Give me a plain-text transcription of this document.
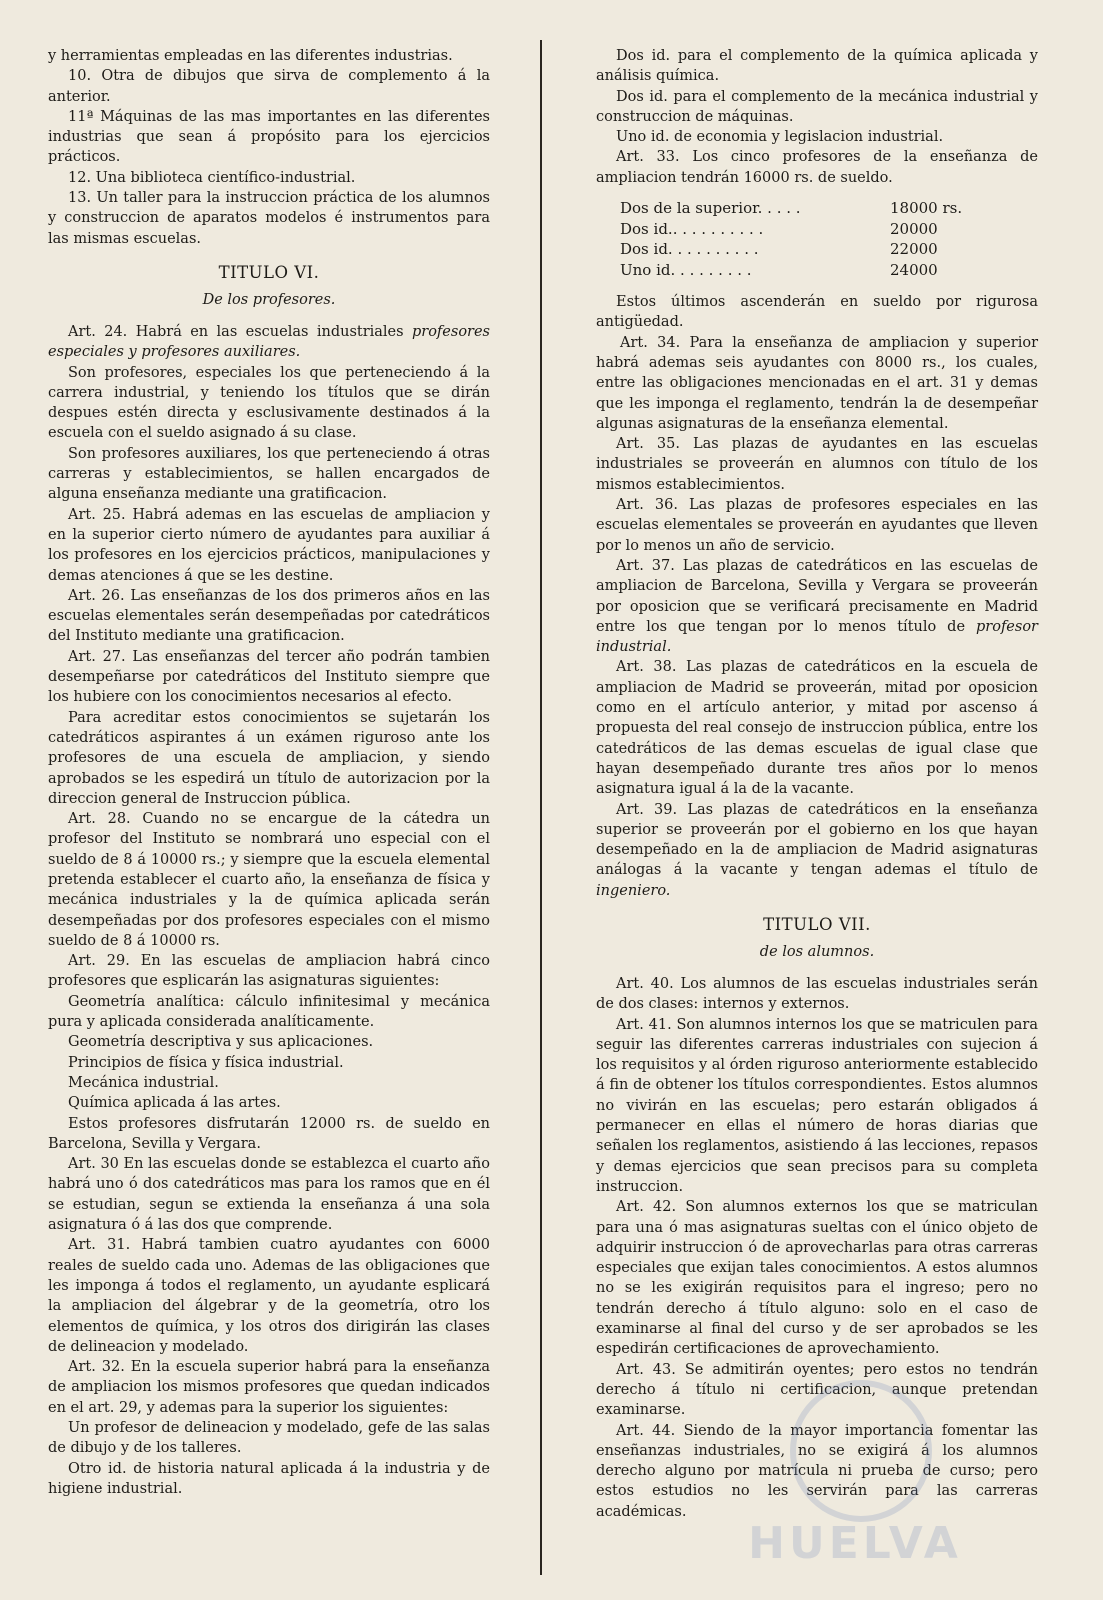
y herramientas empleadas en las diferentes industrias.

10. Otra de dibujos que sirva de complemento á la anterior.

11ª Máquinas de las mas importantes en las diferentes industrias que sean á propósito para los ejercicios prácticos.

12. Una biblioteca científico-industrial.

13. Un taller para la instruccion práctica de los alumnos y construccion de aparatos modelos é instrumentos para las mismas escuelas.

TITULO VI.
De los profesores.

Art. 24. Habrá en las escuelas industriales profesores especiales y profesores auxiliares.

Son profesores, especiales los que perteneciendo á la carrera industrial, y teniendo los títulos que se dirán despues estén directa y esclusivamente destinados á la escuela con el sueldo asignado á su clase.

Son profesores auxiliares, los que perteneciendo á otras carreras y establecimientos, se hallen encargados de alguna enseñanza mediante una gratificacion.

Art. 25. Habrá ademas en las escuelas de ampliacion y en la superior cierto número de ayudantes para auxiliar á los profesores en los ejercicios prácticos, manipulaciones y demas atenciones á que se les destine.

Art. 26. Las enseñanzas de los dos primeros años en las escuelas elementales serán desempeñadas por catedráticos del Instituto mediante una gratificacion.

Art. 27. Las enseñanzas del tercer año podrán tambien desempeñarse por catedráticos del Instituto siempre que los hubiere con los conocimientos necesarios al efecto.

Para acreditar estos conocimientos se sujetarán los catedráticos aspirantes á un exámen riguroso ante los profesores de una escuela de ampliacion, y siendo aprobados se les espedirá un título de autorizacion por la direccion general de Instruccion pública.

Art. 28. Cuando no se encargue de la cátedra un profesor del Instituto se nombrará uno especial con el sueldo de 8 á 10000 rs.; y siempre que la escuela elemental pretenda establecer el cuarto año, la enseñanza de física y mecánica industriales y la de química aplicada serán desempeñadas por dos profesores especiales con el mismo sueldo de 8 á 10000 rs.

Art. 29. En las escuelas de ampliacion habrá cinco profesores que esplicarán las asignaturas siguientes:

Geometría analítica: cálculo infinitesimal y mecánica pura y aplicada considerada analíticamente.

Geometría descriptiva y sus aplicaciones.

Principios de física y física industrial.

Mecánica industrial.

Química aplicada á las artes.

Estos profesores disfrutarán 12000 rs. de sueldo en Barcelona, Sevilla y Vergara.

Art. 30 En las escuelas donde se establezca el cuarto año habrá uno ó dos catedráticos mas para los ramos que en él se estudian, segun se extienda la enseñanza á una sola asignatura ó á las dos que comprende.

Art. 31. Habrá tambien cuatro ayudantes con 6000 reales de sueldo cada uno. Ademas de las obligaciones que les imponga á todos el reglamento, un ayudante esplicará la ampliacion del álgebrar y de la geometría, otro los elementos de química, y los otros dos dirigirán las clases de delineacion y modelado.

Art. 32. En la escuela superior habrá para la enseñanza de ampliacion los mismos profesores que quedan indicados en el art. 29, y ademas para la superior los siguientes:

Un profesor de delineacion y modelado, gefe de las salas de dibujo y de los talleres.

Otro id. de historia natural aplicada á la industria y de higiene industrial.

Dos id. para el complemento de la química aplicada y análisis química.

Dos id. para el complemento de la mecánica industrial y construccion de máquinas.

Uno id. de economia y legislacion industrial.

Art. 33. Los cinco profesores de la enseñanza de ampliacion tendrán 16000 rs. de sueldo.

Dos de la superior. . . . .	18000 rs.
Dos id.. . . . . . . . . .	20000
Dos id. . . . . . . . . .	22000
Uno id. . . . . . . . .	24000

Estos últimos ascenderán en sueldo por rigurosa antigüedad.

Art. 34. Para la enseñanza de ampliacion y superior habrá ademas seis ayudantes con 8000 rs., los cuales, entre las obligaciones mencionadas en el art. 31 y demas que les imponga el reglamento, tendrán la de desempeñar algunas asignaturas de la enseñanza elemental.

Art. 35. Las plazas de ayudantes en las escuelas industriales se proveerán en alumnos con título de los mismos establecimientos.

Art. 36. Las plazas de profesores especiales en las escuelas elementales se proveerán en ayudantes que lleven por lo menos un año de servicio.

Art. 37. Las plazas de catedráticos en las escuelas de ampliacion de Barcelona, Sevilla y Vergara se proveerán por oposicion que se verificará precisamente en Madrid entre los que tengan por lo menos título de profesor industrial.

Art. 38. Las plazas de catedráticos en la escuela de ampliacion de Madrid se proveerán, mitad por oposicion como en el artículo anterior, y mitad por ascenso á propuesta del real consejo de instruccion pública, entre los catedráticos de las demas escuelas de igual clase que hayan desempeñado durante tres años por lo menos asignatura igual á la de la vacante.

Art. 39. Las plazas de catedráticos en la enseñanza superior se proveerán por el gobierno en los que hayan desempeñado en la de ampliacion de Madrid asignaturas análogas á la vacante y tengan ademas el título de ingeniero.

TITULO VII.
de los alumnos.

Art. 40. Los alumnos de las escuelas industriales serán de dos clases: internos y externos.

Art. 41. Son alumnos internos los que se matriculen para seguir las diferentes carreras industriales con sujecion á los requisitos y al órden riguroso anteriormente establecido á fin de obtener los títulos correspondientes. Estos alumnos no vivirán en las escuelas; pero estarán obligados á permanecer en ellas el número de horas diarias que señalen los reglamentos, asistiendo á las lecciones, repasos y demas ejercicios que sean precisos para su completa instruccion.

Art. 42. Son alumnos externos los que se matriculan para una ó mas asignaturas sueltas con el único objeto de adquirir instruccion ó de aprovecharlas para otras carreras especiales que exijan tales conocimientos. A estos alumnos no se les exigirán requisitos para el ingreso; pero no tendrán derecho á título alguno: solo en el caso de examinarse al final del curso y de ser aprobados se les espedirán certificaciones de aprovechamiento.

Art. 43. Se admitirán oyentes; pero estos no tendrán derecho á título ni certificacion, aunque pretendan examinarse.

Art. 44. Siendo de la mayor importancia fomentar las enseñanzas industriales, no se exigirá á los alumnos derecho alguno por matrícula ni prueba de curso; pero estos estudios no les servirán para las carreras académicas.

HUELVA
